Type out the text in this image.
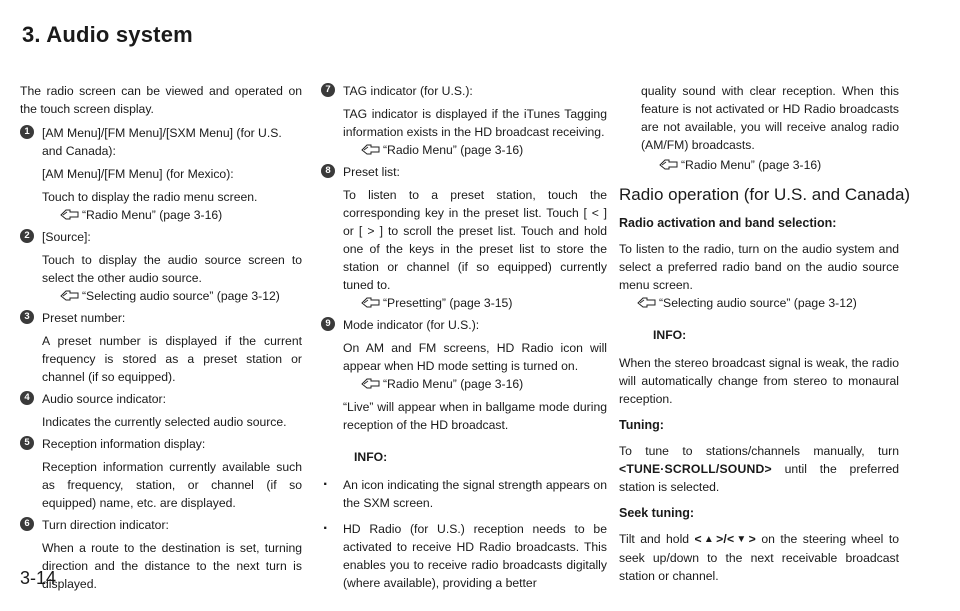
3. Audio system

The radio screen can be viewed and operated on the touch screen display.

1	[AM Menu]/[FM Menu]/[SXM Menu] (for U.S. and Canada):
[AM Menu]/[FM Menu] (for Mexico):
Touch to display the radio menu screen.
“Radio Menu” (page 3-16)
2	[Source]:
Touch to display the audio source screen to select the other audio source.
“Selecting audio source” (page 3-12)
3	Preset number:
A preset number is displayed if the current frequency is stored as a preset station or channel (if so equipped).
4	Audio source indicator:
Indicates the currently selected audio source.
5	Reception information display:
Reception information currently available such as frequency, station, or channel (if so equipped) name, etc. are displayed.
6	Turn direction indicator:
When a route to the destination is set, turning direction and the distance to the next turn is displayed.
7	TAG indicator (for U.S.):
TAG indicator is displayed if the iTunes Tagging information exists in the HD broadcast receiving.
“Radio Menu” (page 3-16)
8	Preset list:
To listen to a preset station, touch the corresponding key in the preset list. Touch [ < ] or [ > ] to scroll the preset list. Touch and hold one of the keys in the preset list to store the station or channel (if so equipped) currently tuned to.
“Presetting” (page 3-15)
9	Mode indicator (for U.S.):
On AM and FM screens, HD Radio icon will appear when HD mode setting is turned on.
“Radio Menu” (page 3-16)
“Live” will appear when in ballgame mode during reception of the HD broadcast.
INFO:
. An icon indicating the signal strength appears on the SXM screen.
. HD Radio (for U.S.) reception needs to be activated to receive HD Radio broadcasts. This enables you to receive radio broadcasts digitally (where available), providing a better

quality sound with clear reception. When this feature is not activated or HD Radio broadcasts are not available, you will receive analog radio (AM/FM) broadcasts.

“Radio Menu” (page 3-16)
Radio operation (for U.S. and Canada)
Radio activation and band selection:

To listen to the radio, turn on the audio system and select a preferred radio band on the audio source menu screen.

“Selecting audio source” (page 3-12)
INFO:

When the stereo broadcast signal is weak, the radio will automatically change from stereo to monaural reception.

Tuning:

To tune to stations/channels manually, turn <TUNE·SCROLL/SOUND> until the preferred station is selected.

Seek tuning:

Tilt and hold <▲>/<▼> on the steering wheel to seek up/down to the next receivable broadcast station or channel.

3-14
